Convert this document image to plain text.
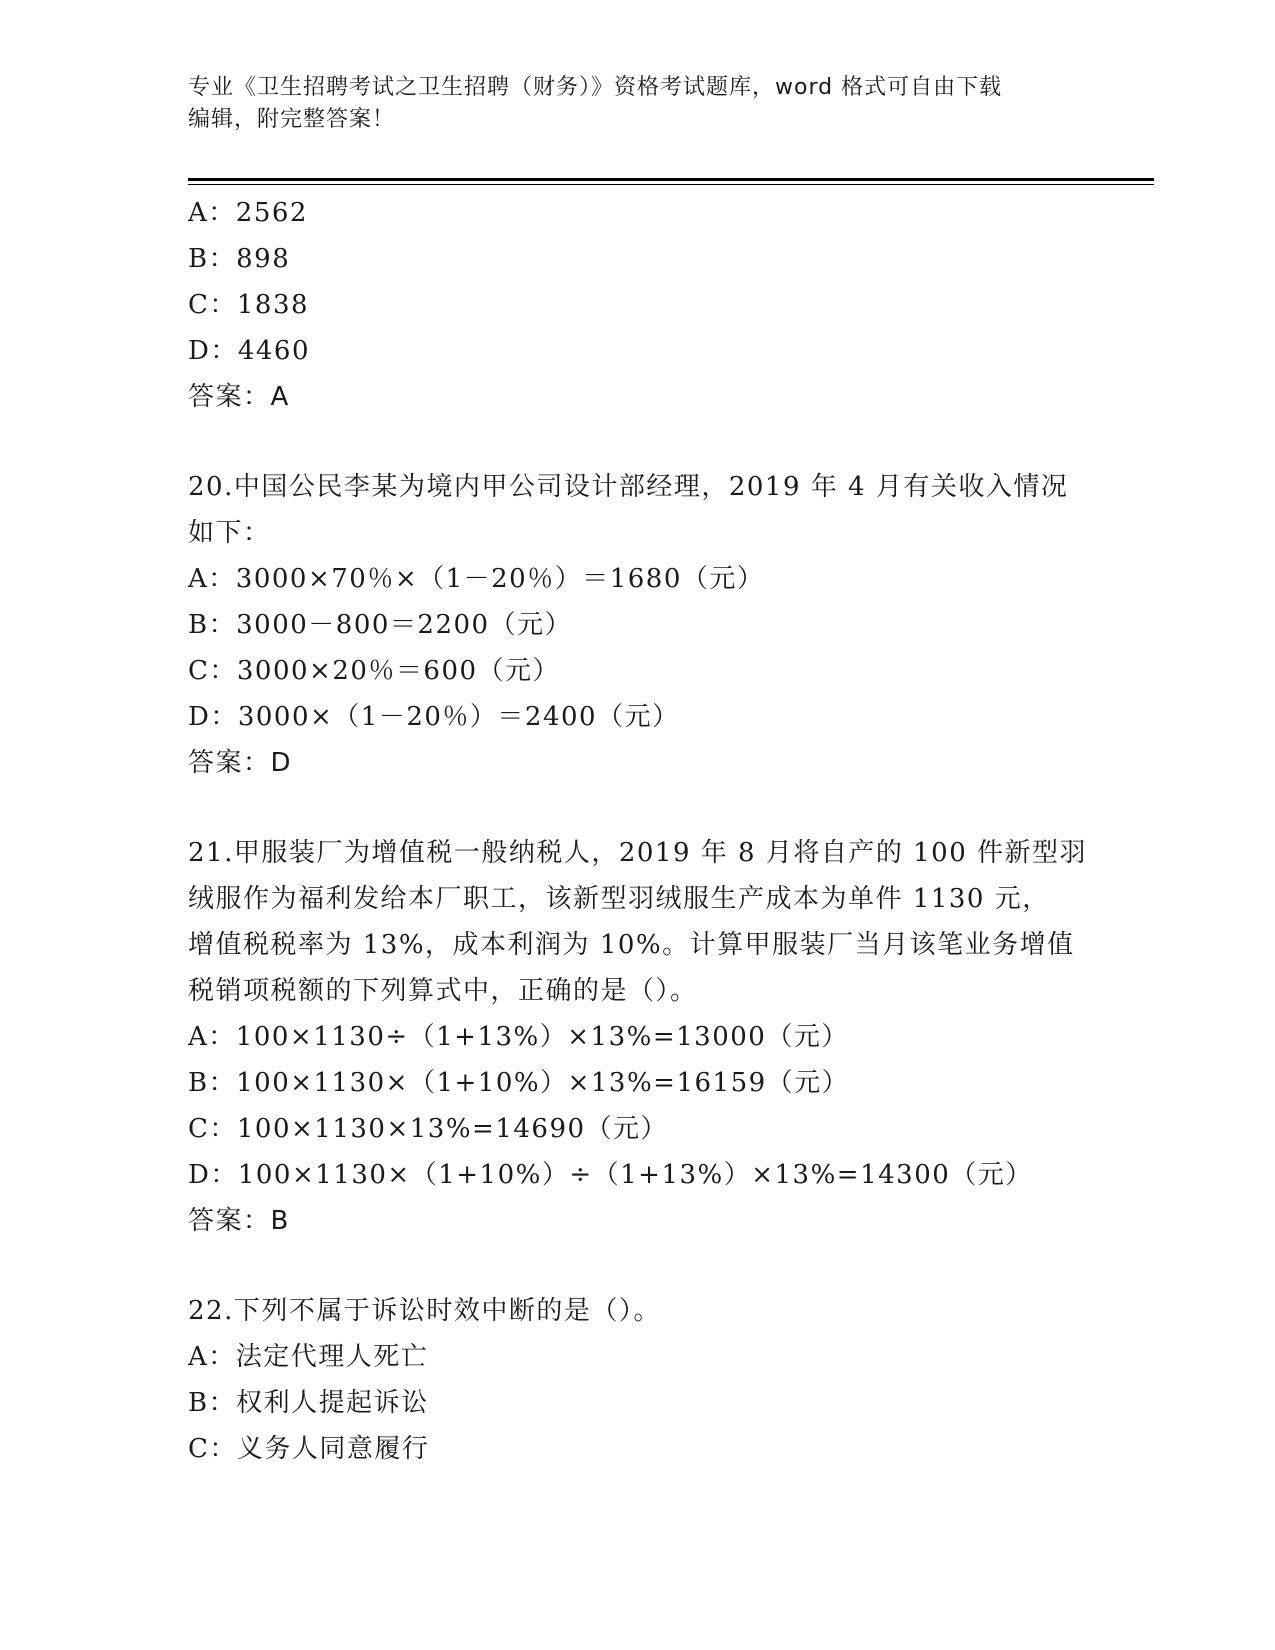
专业《卫生招聘考试之卫生招聘（财务）》资格考试题库，word 格式可自由下载
编辑，附完整答案！
A：2562
B：898
C：1838
D：4460
答案：A
20.中国公民李某为境内甲公司设计部经理，2019 年 4 月有关收入情况
如下：
A：3000×70％×（1－20％）＝1680（元）
B：3000－800＝2200（元）
C：3000×20％＝600（元）
D：3000×（1－20％）＝2400（元）
答案：D
21.甲服装厂为增值税一般纳税人，2019 年 8 月将自产的 100 件新型羽
绒服作为福利发给本厂职工，该新型羽绒服生产成本为单件 1130 元，
增值税税率为 13%，成本利润为 10%。计算甲服装厂当月该笔业务增值
税销项税额的下列算式中，正确的是（）。
A：100×1130÷（1+13%）×13%=13000（元）
B：100×1130×（1+10%）×13%=16159（元）
C：100×1130×13%=14690（元）
D：100×1130×（1+10%）÷（1+13%）×13%=14300（元）
答案：B
22.下列不属于诉讼时效中断的是（）。
A：法定代理人死亡
B：权利人提起诉讼
C：义务人同意履行
